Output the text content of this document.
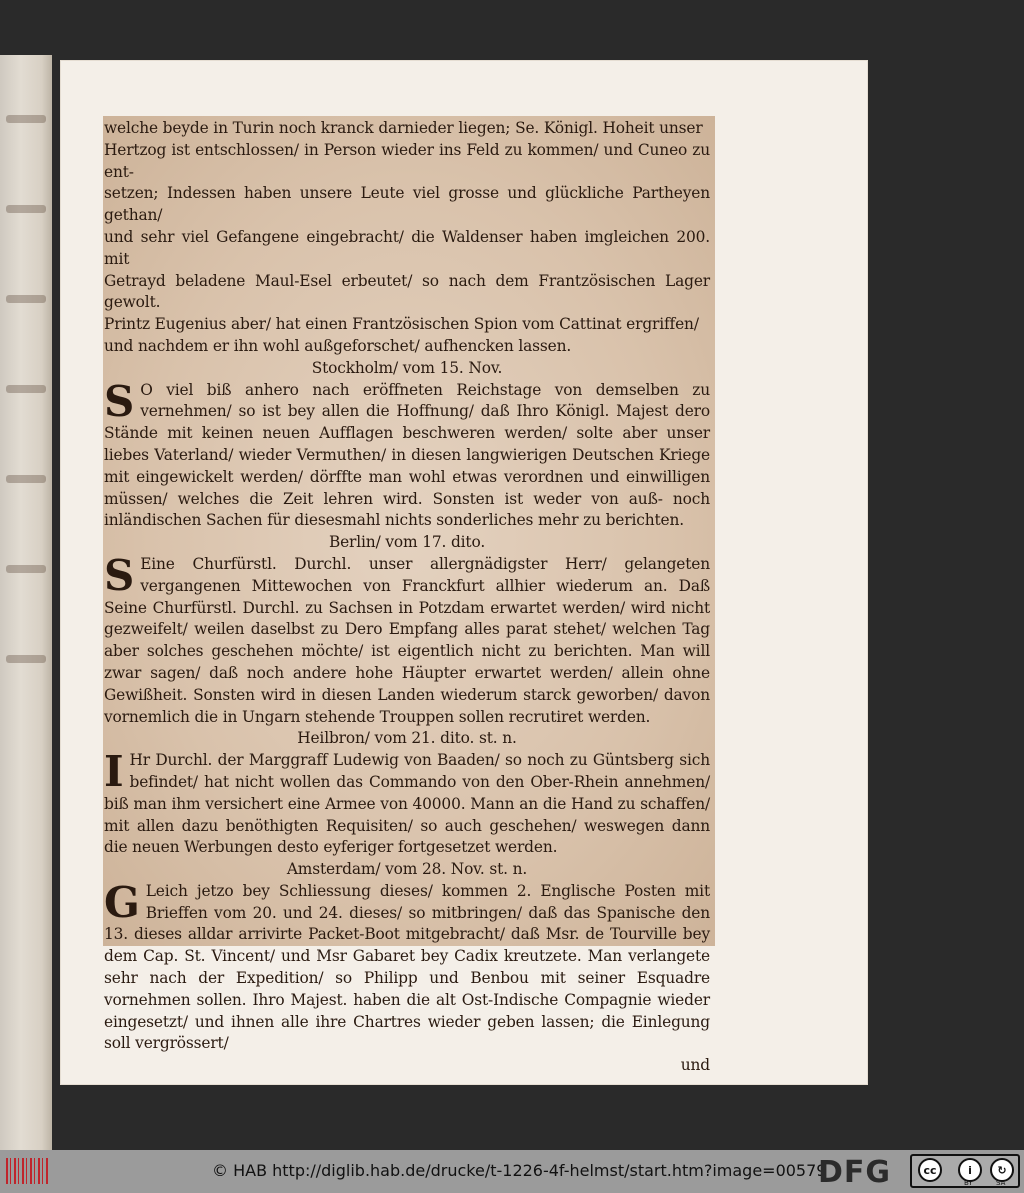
welche beyde in Turin noch kranck darnieder liegen; Se. Königl. Hoheit unser

Hertzog ist entschlossen/ in Person wieder ins Feld zu kommen/ und Cuneo zu ent-

setzen; Indessen haben unsere Leute viel grosse und glückliche Partheyen gethan/

und sehr viel Gefangene eingebracht/ die Waldenser haben imgleichen 200. mit

Getrayd beladene Maul-Esel erbeutet/ so nach dem Frantzösischen Lager gewolt.

Printz Eugenius aber/ hat einen Frantzösischen Spion vom Cattinat ergriffen/

und nachdem er ihn wohl außgeforschet/ aufhencken lassen.

Stockholm/ vom 15. Nov.

S O viel biß anhero nach eröffneten Reichstage von demselben zu vernehmen/ so ist bey allen die Hoffnung/ daß Ihro Königl. Majest dero Stände mit keinen neuen Aufflagen beschweren werden/ solte aber unser liebes Vaterland/ wieder Vermuthen/ in diesen langwierigen Deutschen Kriege mit eingewickelt werden/ dörffte man wohl etwas verordnen und einwilligen müssen/ welches die Zeit lehren wird. Sonsten ist weder von auß- noch inländischen Sachen für diesesmahl nichts sonderliches mehr zu berichten.

Berlin/ vom 17. dito.

S Eine Churfürstl. Durchl. unser allergnädigster Herr/ gelangeten vergangenen Mittewochen von Franckfurt allhier wiederum an. Daß Seine Churfürstl. Durchl. zu Sachsen in Potzdam erwartet werden/ wird nicht gezweifelt/ weilen daselbst zu Dero Empfang alles parat stehet/ welchen Tag aber solches geschehen möchte/ ist eigentlich nicht zu berichten. Man will zwar sagen/ daß noch andere hohe Häupter erwartet werden/ allein ohne Gewißheit. Sonsten wird in diesen Landen wiederum starck geworben/ davon vornemlich die in Ungarn stehende Trouppen sollen recrutiret werden.

Heilbron/ vom 21. dito. st. n.

I Hr Durchl. der Marggraff Ludewig von Baaden/ so noch zu Güntsberg sich befindet/ hat nicht wollen das Commando von den Ober-Rhein annehmen/ biß man ihm versichert eine Armee von 40000. Mann an die Hand zu schaffen/ mit allen dazu benöthigten Requisiten/ so auch geschehen/ weswegen dann die neuen Werbungen desto eyferiger fortgesetzet werden.

Amsterdam/ vom 28. Nov. st. n.

G Leich jetzo bey Schliessung dieses/ kommen 2. Englische Posten mit Brieffen vom 20. und 24. dieses/ so mitbringen/ daß das Spanische den 13. dieses alldar arrivirte Packet-Boot mitgebracht/ daß Msr. de Tourville bey dem Cap. St. Vincent/ und Msr Gabaret bey Cadix kreutzete. Man verlangete sehr nach der Expedition/ so Philipp und Benbou mit seiner Esquadre vornehmen sollen. Ihro Majest. haben die alt Ost-Indische Compagnie wieder eingesetzt/ und ihnen alle ihre Chartres wieder geben lassen; die Einlegung soll vergrössert/

und

© HAB http://diglib.hab.de/drucke/t-1226-4f-helmst/start.htm?image=00579
DFG	cc	i	↻
BY	SA
